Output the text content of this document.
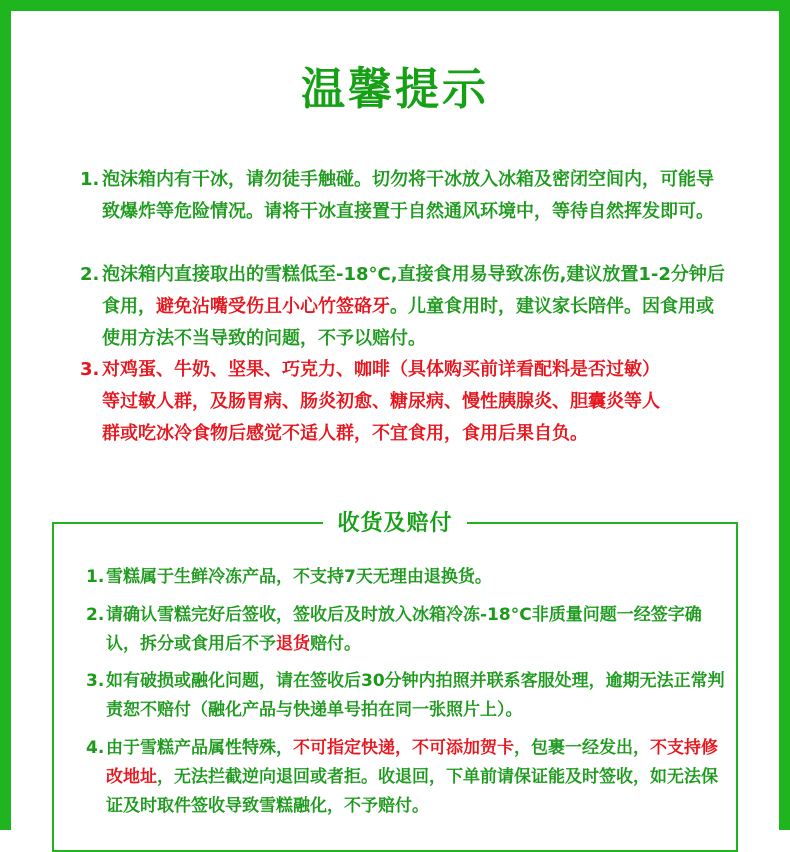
温馨提示
1. 泡沫箱内有干冰，请勿徒手触碰。切勿将干冰放入冰箱及密闭空间内，可能导致爆炸等危险情况。请将干冰直接置于自然通风环境中，等待自然挥发即可。
2. 泡沫箱内直接取出的雪糕低至-18°C,直接食用易导致冻伤,建议放置1-2分钟后食用，避免沾嘴受伤且小心竹签硌牙。儿童食用时，建议家长陪伴。因食用或使用方法不当导致的问题，不予以赔付。
3. 对鸡蛋、牛奶、坚果、巧克力、咖啡（具体购买前详看配料是否过敏）等过敏人群，及肠胃病、肠炎初愈、糖尿病、慢性胰腺炎、胆囊炎等人群或吃冰冷食物后感觉不适人群，不宜食用，食用后果自负。
收货及赔付
1. 雪糕属于生鲜冷冻产品，不支持7天无理由退换货。
2. 请确认雪糕完好后签收，签收后及时放入冰箱冷冻-18°C非质量问题一经签字确认，拆分或食用后不予退货赔付。
3. 如有破损或融化问题，请在签收后30分钟内拍照并联系客服处理，逾期无法正常判责恕不赔付（融化产品与快递单号拍在同一张照片上）。
4. 由于雪糕产品属性特殊，不可指定快递，不可添加贺卡，包裹一经发出，不支持修改地址，无法拦截逆向退回或者拒。收退回，下单前请保证能及时签收，如无法保证及时取件签收导致雪糕融化，不予赔付。
